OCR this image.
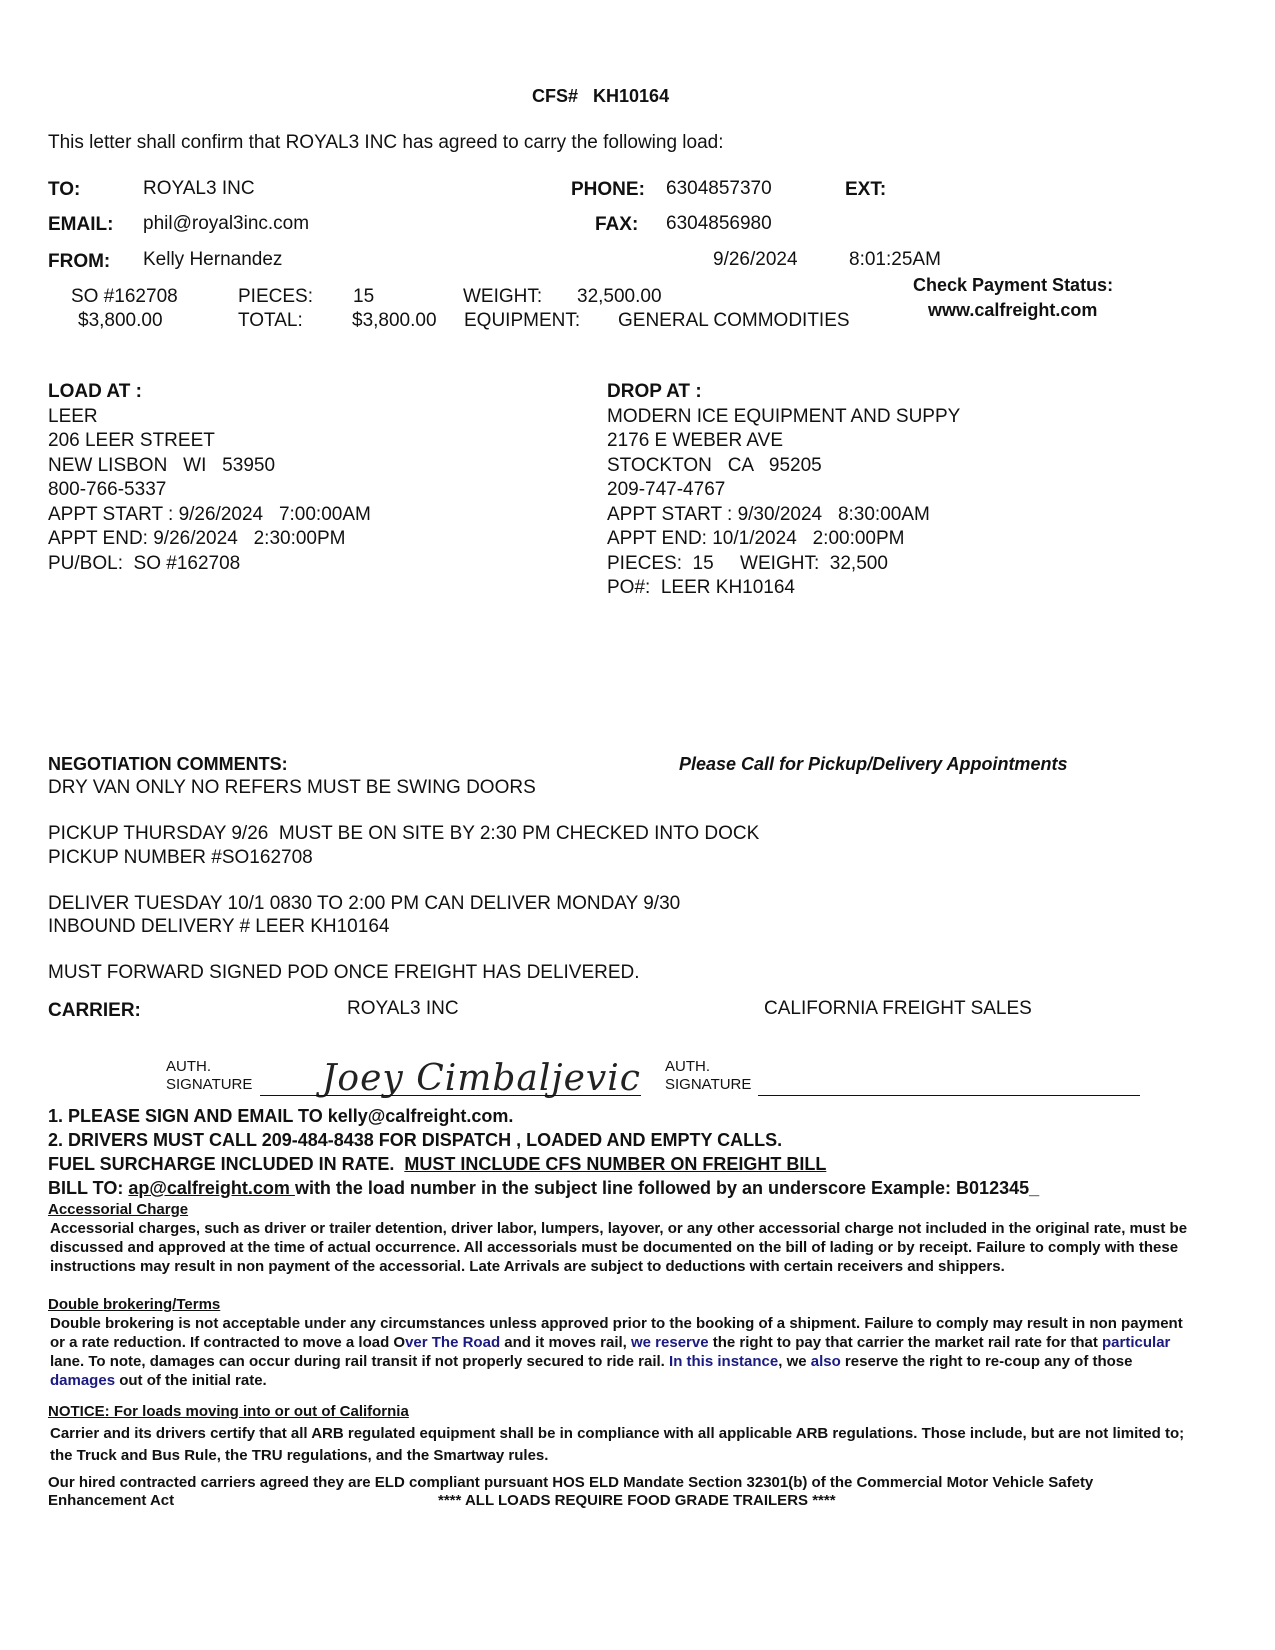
CFS# KH10164
This letter shall confirm that ROYAL3 INC has agreed to carry the following load:
TO:	ROYAL3 INC	PHONE: 6304857370	EXT:
EMAIL: phil@royal3inc.com	FAX: 6304856980
FROM: Kelly Hernandez	9/26/2024	8:01:25AM
Check Payment Status:
www.calfreight.com
SO #162708	PIECES: 15	WEIGHT: 32,500.00
$3,800.00	TOTAL:	$3,800.00 EQUIPMENT: GENERAL COMMODITIES
LOAD AT :
LEER
206 LEER STREET
NEW LISBON   WI   53950
800-766-5337
APPT START : 9/26/2024   7:00:00AM
APPT END: 9/26/2024   2:30:00PM
PU/BOL:  SO #162708
DROP AT :
MODERN ICE EQUIPMENT AND SUPPY
2176 E WEBER AVE
STOCKTON   CA   95205
209-747-4767
APPT START : 9/30/2024   8:30:00AM
APPT END: 10/1/2024   2:00:00PM
PIECES:  15     WEIGHT:  32,500
PO#:  LEER KH10164
NEGOTIATION COMMENTS:	Please Call for Pickup/Delivery Appointments
DRY VAN ONLY NO REFERS MUST BE SWING DOORS
PICKUP THURSDAY 9/26  MUST BE ON SITE BY 2:30 PM CHECKED INTO DOCK
PICKUP NUMBER #SO162708
DELIVER TUESDAY 10/1 0830 TO 2:00 PM CAN DELIVER MONDAY 9/30
INBOUND DELIVERY # LEER KH10164
MUST FORWARD SIGNED POD ONCE FREIGHT HAS DELIVERED.
CARRIER:	ROYAL3 INC	CALIFORNIA FREIGHT SALES
AUTH.
SIGNATURE Joey Cimbaljevic AUTH.
SIGNATURE
1. PLEASE SIGN AND EMAIL TO kelly@calfreight.com.
2. DRIVERS MUST CALL 209-484-8438 FOR DISPATCH , LOADED AND EMPTY CALLS.
FUEL SURCHARGE INCLUDED IN RATE.  MUST INCLUDE CFS NUMBER ON FREIGHT BILL
BILL TO: ap@calfreight.com with the load number in the subject line followed by an underscore Example: B012345_
Accessorial Charge
Accessorial charges, such as driver or trailer detention, driver labor, lumpers, layover, or any other accessorial charge not included in the original rate, must be discussed and approved at the time of actual occurrence. All accessorials must be documented on the bill of lading or by receipt. Failure to comply with these instructions may result in non payment of the accessorial. Late Arrivals are subject to deductions with certain receivers and shippers.
Double brokering/Terms
Double brokering is not acceptable under any circumstances unless approved prior to the booking of a shipment. Failure to comply may result in non payment or a rate reduction. If contracted to move a load Over The Road and it moves rail, we reserve the right to pay that carrier the market rail rate for that particular lane. To note, damages can occur during rail transit if not properly secured to ride rail. In this instance, we also reserve the right to re-coup any of those damages out of the initial rate.
NOTICE: For loads moving into or out of California
Carrier and its drivers certify that all ARB regulated equipment shall be in compliance with all applicable ARB regulations. Those include, but are not limited to; the Truck and Bus Rule, the TRU regulations, and the Smartway rules.
Our hired contracted carriers agreed they are ELD compliant pursuant HOS ELD Mandate Section 32301(b) of the Commercial Motor Vehicle Safety
Enhancement Act	**** ALL LOADS REQUIRE FOOD GRADE TRAILERS ****
